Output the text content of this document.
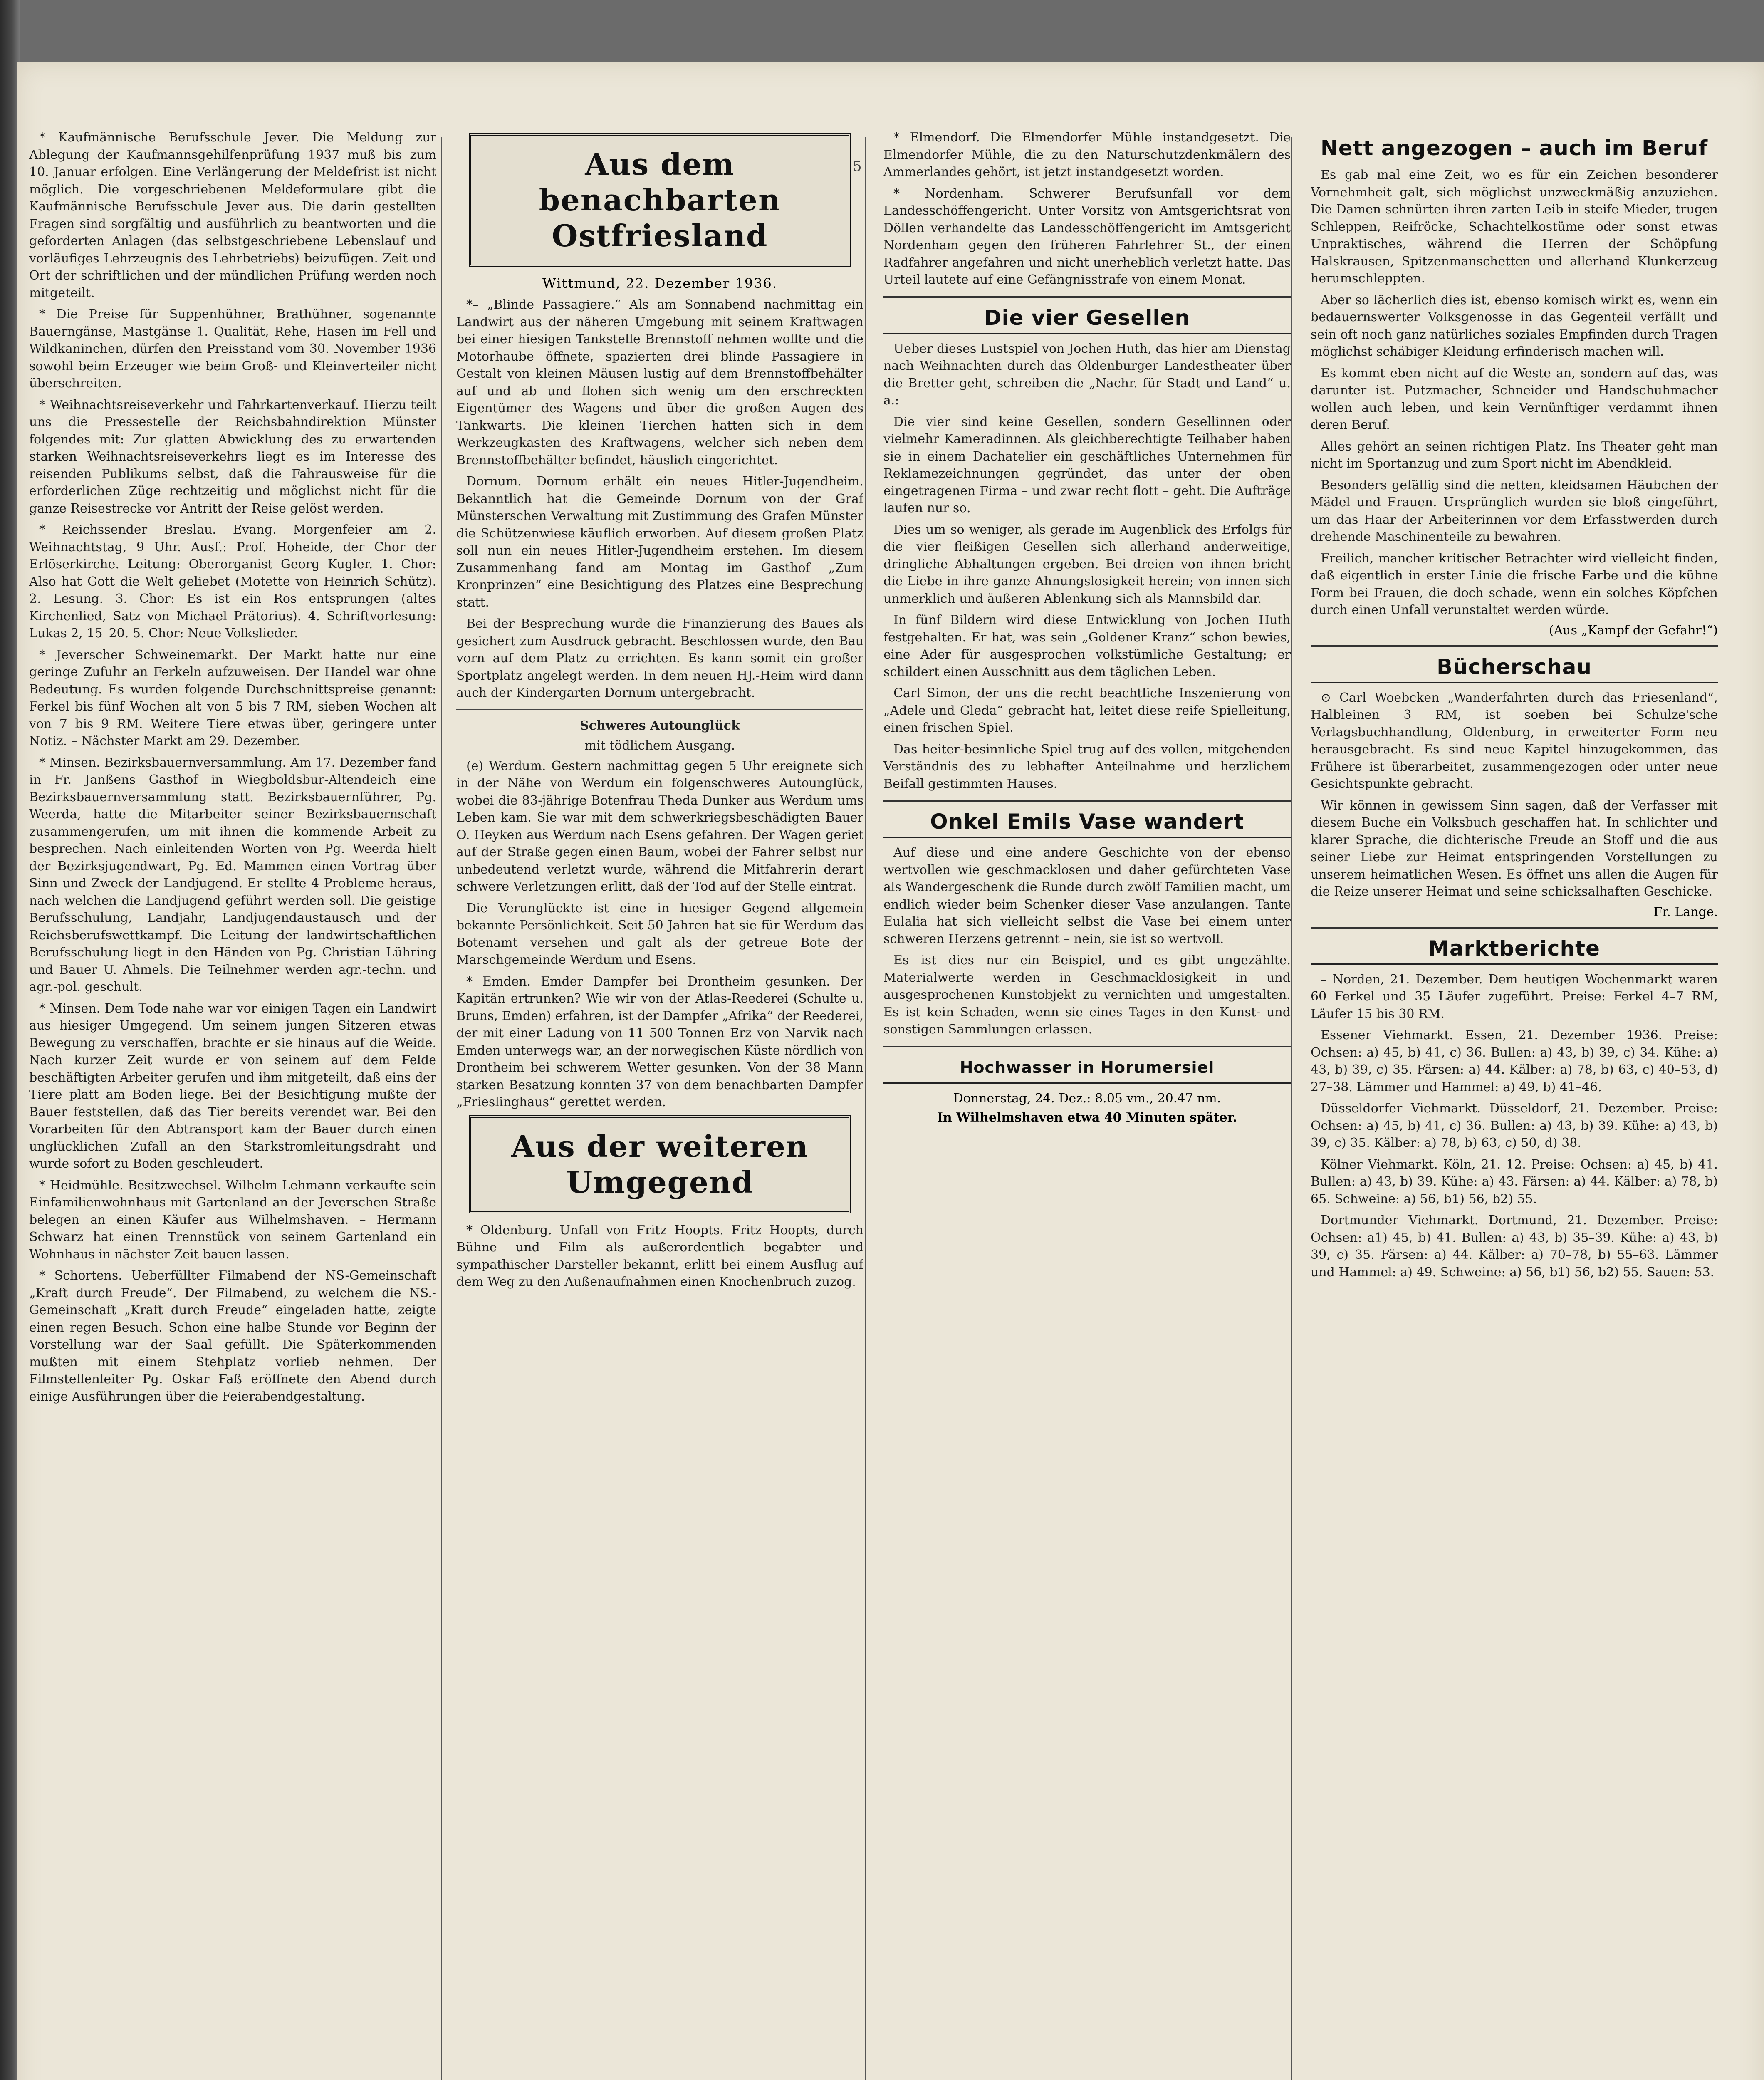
5

* Kaufmännische Berufsschule Jever. Die Meldung zur Ablegung der Kaufmannsgehilfenprüfung 1937 muß bis zum 10. Januar erfolgen. Eine Verlängerung der Meldefrist ist nicht möglich. Die vorgeschriebenen Meldeformulare gibt die Kaufmännische Berufsschule Jever aus. Die darin gestellten Fragen sind sorgfältig und ausführlich zu beantworten und die geforderten Anlagen (das selbstgeschriebene Lebenslauf und vorläufiges Lehrzeugnis des Lehrbetriebs) beizufügen. Zeit und Ort der schriftlichen und der mündlichen Prüfung werden noch mitgeteilt.

* Die Preise für Suppenhühner, Brathühner, sogenannte Bauerngänse, Mastgänse 1. Qualität, Rehe, Hasen im Fell und Wildkaninchen, dürfen den Preisstand vom 30. November 1936 sowohl beim Erzeuger wie beim Groß- und Kleinverteiler nicht überschreiten.

* Weihnachtsreiseverkehr und Fahrkartenverkauf. Hierzu teilt uns die Pressestelle der Reichsbahndirektion Münster folgendes mit: Zur glatten Abwicklung des zu erwartenden starken Weihnachtsreiseverkehrs liegt es im Interesse des reisenden Publikums selbst, daß die Fahrausweise für die erforderlichen Züge rechtzeitig und möglichst nicht für die ganze Reisestrecke vor Antritt der Reise gelöst werden.

* Reichssender Breslau. Evang. Morgenfeier am 2. Weihnachtstag, 9 Uhr. Ausf.: Prof. Hoheide, der Chor der Erlöserkirche. Leitung: Oberorganist Georg Kugler. 1. Chor: Also hat Gott die Welt geliebet (Motette von Heinrich Schütz). 2. Lesung. 3. Chor: Es ist ein Ros entsprungen (altes Kirchenlied, Satz von Michael Prätorius). 4. Schriftvorlesung: Lukas 2, 15–20. 5. Chor: Neue Volkslieder.

* Jeverscher Schweinemarkt. Der Markt hatte nur eine geringe Zufuhr an Ferkeln aufzuweisen. Der Handel war ohne Bedeutung. Es wurden folgende Durchschnittspreise genannt: Ferkel bis fünf Wochen alt von 5 bis 7 RM, sieben Wochen alt von 7 bis 9 RM. Weitere Tiere etwas über, geringere unter Notiz. – Nächster Markt am 29. Dezember.

* Minsen. Bezirksbauernversammlung. Am 17. Dezember fand in Fr. Janßens Gasthof in Wiegboldsbur-Altendeich eine Bezirksbauernversammlung statt. Bezirksbauernführer, Pg. Weerda, hatte die Mitarbeiter seiner Bezirksbauernschaft zusammengerufen, um mit ihnen die kommende Arbeit zu besprechen. Nach einleitenden Worten von Pg. Weerda hielt der Bezirksjugendwart, Pg. Ed. Mammen einen Vortrag über Sinn und Zweck der Landjugend. Er stellte 4 Probleme heraus, nach welchen die Landjugend geführt werden soll. Die geistige Berufsschulung, Landjahr, Landjugendaustausch und der Reichsberufswettkampf. Die Leitung der landwirtschaftlichen Berufsschulung liegt in den Händen von Pg. Christian Lühring und Bauer U. Ahmels. Die Teilnehmer werden agr.-techn. und agr.-pol. geschult.

* Minsen. Dem Tode nahe war vor einigen Tagen ein Landwirt aus hiesiger Umgegend. Um seinem jungen Sitzeren etwas Bewegung zu verschaffen, brachte er sie hinaus auf die Weide. Nach kurzer Zeit wurde er von seinem auf dem Felde beschäftigten Arbeiter gerufen und ihm mitgeteilt, daß eins der Tiere platt am Boden liege. Bei der Besichtigung mußte der Bauer feststellen, daß das Tier bereits verendet war. Bei den Vorarbeiten für den Abtransport kam der Bauer durch einen unglücklichen Zufall an den Starkstromleitungsdraht und wurde sofort zu Boden geschleudert.

* Heidmühle. Besitzwechsel. Wilhelm Lehmann verkaufte sein Einfamilienwohnhaus mit Gartenland an der Jeverschen Straße belegen an einen Käufer aus Wilhelmshaven. – Hermann Schwarz hat einen Trennstück von seinem Gartenland ein Wohnhaus in nächster Zeit bauen lassen.

* Schortens. Ueberfüllter Filmabend der NS-Gemeinschaft „Kraft durch Freude“. Der Filmabend, zu welchem die NS.-Gemeinschaft „Kraft durch Freude“ eingeladen hatte, zeigte einen regen Besuch. Schon eine halbe Stunde vor Beginn der Vorstellung war der Saal gefüllt. Die Späterkommenden mußten mit einem Stehplatz vorlieb nehmen. Der Filmstellenleiter Pg. Oskar Faß eröffnete den Abend durch einige Ausführungen über die Feierabendgestaltung.

Aus dem benachbarten
Ostfriesland
Wittmund, 22. Dezember 1936.

*– „Blinde Passagiere.“ Als am Sonnabend nachmittag ein Landwirt aus der näheren Umgebung mit seinem Kraftwagen bei einer hiesigen Tankstelle Brennstoff nehmen wollte und die Motorhaube öffnete, spazierten drei blinde Passagiere in Gestalt von kleinen Mäusen lustig auf dem Brennstoffbehälter auf und ab und flohen sich wenig um den erschreckten Eigentümer des Wagens und über die großen Augen des Tankwarts. Die kleinen Tierchen hatten sich in dem Werkzeugkasten des Kraftwagens, welcher sich neben dem Brennstoffbehälter befindet, häuslich eingerichtet.

Dornum. Dornum erhält ein neues Hitler-Jugendheim. Bekanntlich hat die Gemeinde Dornum von der Graf Münsterschen Verwaltung mit Zustimmung des Grafen Münster die Schützenwiese käuflich erworben. Auf diesem großen Platz soll nun ein neues Hitler-Jugendheim erstehen. Im diesem Zusammenhang fand am Montag im Gasthof „Zum Kronprinzen“ eine Besichtigung des Platzes eine Besprechung statt.

Bei der Besprechung wurde die Finanzierung des Baues als gesichert zum Ausdruck gebracht. Beschlossen wurde, den Bau vorn auf dem Platz zu errichten. Es kann somit ein großer Sportplatz angelegt werden. In dem neuen HJ.-Heim wird dann auch der Kindergarten Dornum untergebracht.

Schweres Autounglück
mit tödlichem Ausgang.

(e) Werdum. Gestern nachmittag gegen 5 Uhr ereignete sich in der Nähe von Werdum ein folgenschweres Autounglück, wobei die 83-jährige Botenfrau Theda Dunker aus Werdum ums Leben kam. Sie war mit dem schwerkriegsbeschädigten Bauer O. Heyken aus Werdum nach Esens gefahren. Der Wagen geriet auf der Straße gegen einen Baum, wobei der Fahrer selbst nur unbedeutend verletzt wurde, während die Mitfahrerin derart schwere Verletzungen erlitt, daß der Tod auf der Stelle eintrat.

Die Verunglückte ist eine in hiesiger Gegend allgemein bekannte Persönlichkeit. Seit 50 Jahren hat sie für Werdum das Botenamt versehen und galt als der getreue Bote der Marschgemeinde Werdum und Esens.

* Emden. Emder Dampfer bei Drontheim gesunken. Der Kapitän ertrunken? Wie wir von der Atlas-Reederei (Schulte u. Bruns, Emden) erfahren, ist der Dampfer „Afrika“ der Reederei, der mit einer Ladung von 11 500 Tonnen Erz von Narvik nach Emden unterwegs war, an der norwegischen Küste nördlich von Drontheim bei schwerem Wetter gesunken. Von der 38 Mann starken Besatzung konnten 37 von dem benachbarten Dampfer „Frieslinghaus“ gerettet werden.

Aus der weiteren
Umgegend

* Oldenburg. Unfall von Fritz Hoopts. Fritz Hoopts, durch Bühne und Film als außerordentlich begabter und sympathischer Darsteller bekannt, erlitt bei einem Ausflug auf dem Weg zu den Außenaufnahmen einen Knochenbruch zuzog.

* Elmendorf. Die Elmendorfer Mühle instandgesetzt. Die Elmendorfer Mühle, die zu den Naturschutzdenkmälern des Ammerlandes gehört, ist jetzt instandgesetzt worden.

* Nordenham. Schwerer Berufsunfall vor dem Landesschöffengericht. Unter Vorsitz von Amtsgerichtsrat von Döllen verhandelte das Landesschöffengericht im Amtsgericht Nordenham gegen den früheren Fahrlehrer St., der einen Radfahrer angefahren und nicht unerheblich verletzt hatte. Das Urteil lautete auf eine Gefängnisstrafe von einem Monat.

Die vier Gesellen

Ueber dieses Lustspiel von Jochen Huth, das hier am Dienstag nach Weihnachten durch das Oldenburger Landestheater über die Bretter geht, schreiben die „Nachr. für Stadt und Land“ u. a.:

Die vier sind keine Gesellen, sondern Gesellinnen oder vielmehr Kameradinnen. Als gleichberechtigte Teilhaber haben sie in einem Dachatelier ein geschäftliches Unternehmen für Reklamezeichnungen gegründet, das unter der oben eingetragenen Firma – und zwar recht flott – geht. Die Aufträge laufen nur so.

Dies um so weniger, als gerade im Augenblick des Erfolgs für die vier fleißigen Gesellen sich allerhand anderweitige, dringliche Abhaltungen ergeben. Bei dreien von ihnen bricht die Liebe in ihre ganze Ahnungslosigkeit herein; von innen sich unmerklich und äußeren Ablenkung sich als Mannsbild dar.

In fünf Bildern wird diese Entwicklung von Jochen Huth festgehalten. Er hat, was sein „Goldener Kranz“ schon bewies, eine Ader für ausgesprochen volkstümliche Gestaltung; er schildert einen Ausschnitt aus dem täglichen Leben.

Carl Simon, der uns die recht beachtliche Inszenierung von „Adele und Gleda“ gebracht hat, leitet diese reife Spielleitung, einen frischen Spiel.

Das heiter-besinnliche Spiel trug auf des vollen, mitgehenden Verständnis des zu lebhafter Anteilnahme und herzlichem Beifall gestimmten Hauses.

Onkel Emils Vase wandert

Auf diese und eine andere Geschichte von der ebenso wertvollen wie geschmacklosen und daher gefürchteten Vase als Wandergeschenk die Runde durch zwölf Familien macht, um endlich wieder beim Schenker dieser Vase anzulangen. Tante Eulalia hat sich vielleicht selbst die Vase bei einem unter schweren Herzens getrennt – nein, sie ist so wertvoll.

Es ist dies nur ein Beispiel, und es gibt ungezählte. Materialwerte werden in Geschmacklosigkeit in und ausgesprochenen Kunstobjekt zu vernichten und umgestalten. Es ist kein Schaden, wenn sie eines Tages in den Kunst- und sonstigen Sammlungen erlassen.

Hochwasser in Horumersiel
Donnerstag, 24. Dez.: 8.05 vm., 20.47 nm.
In Wilhelmshaven etwa 40 Minuten später.
Nett angezogen – auch im Beruf

Es gab mal eine Zeit, wo es für ein Zeichen besonderer Vornehmheit galt, sich möglichst unzweckmäßig anzuziehen. Die Damen schnürten ihren zarten Leib in steife Mieder, trugen Schleppen, Reifröcke, Schachtelkostüme oder sonst etwas Unpraktisches, während die Herren der Schöpfung Halskrausen, Spitzenmanschetten und allerhand Klunkerzeug herumschleppten.

Aber so lächerlich dies ist, ebenso komisch wirkt es, wenn ein bedauernswerter Volksgenosse in das Gegenteil verfällt und sein oft noch ganz natürliches soziales Empfinden durch Tragen möglichst schäbiger Kleidung erfinderisch machen will.

Es kommt eben nicht auf die Weste an, sondern auf das, was darunter ist. Putzmacher, Schneider und Handschuhmacher wollen auch leben, und kein Vernünftiger verdammt ihnen deren Beruf.

Alles gehört an seinen richtigen Platz. Ins Theater geht man nicht im Sportanzug und zum Sport nicht im Abendkleid.

Besonders gefällig sind die netten, kleidsamen Häubchen der Mädel und Frauen. Ursprünglich wurden sie bloß eingeführt, um das Haar der Arbeiterinnen vor dem Erfasstwerden durch drehende Maschinenteile zu bewahren.

Freilich, mancher kritischer Betrachter wird vielleicht finden, daß eigentlich in erster Linie die frische Farbe und die kühne Form bei Frauen, die doch schade, wenn ein solches Köpfchen durch einen Unfall verunstaltet werden würde.

(Aus „Kampf der Gefahr!“)
Bücherschau

⊙ Carl Woebcken „Wanderfahrten durch das Friesenland“, Halbleinen 3 RM, ist soeben bei Schulze'sche Verlagsbuchhandlung, Oldenburg, in erweiterter Form neu herausgebracht. Es sind neue Kapitel hinzugekommen, das Frühere ist überarbeitet, zusammengezogen oder unter neue Gesichtspunkte gebracht.

Wir können in gewissem Sinn sagen, daß der Verfasser mit diesem Buche ein Volksbuch geschaffen hat. In schlichter und klarer Sprache, die dichterische Freude an Stoff und die aus seiner Liebe zur Heimat entspringenden Vorstellungen zu unserem heimatlichen Wesen. Es öffnet uns allen die Augen für die Reize unserer Heimat und seine schicksalhaften Geschicke.

Fr. Lange.
Marktberichte

– Norden, 21. Dezember. Dem heutigen Wochenmarkt waren 60 Ferkel und 35 Läufer zugeführt. Preise: Ferkel 4–7 RM, Läufer 15 bis 30 RM.

Essener Viehmarkt. Essen, 21. Dezember 1936. Preise: Ochsen: a) 45, b) 41, c) 36. Bullen: a) 43, b) 39, c) 34. Kühe: a) 43, b) 39, c) 35. Färsen: a) 44. Kälber: a) 78, b) 63, c) 40–53, d) 27–38. Lämmer und Hammel: a) 49, b) 41–46.

Düsseldorfer Viehmarkt. Düsseldorf, 21. Dezember. Preise: Ochsen: a) 45, b) 41, c) 36. Bullen: a) 43, b) 39. Kühe: a) 43, b) 39, c) 35. Kälber: a) 78, b) 63, c) 50, d) 38.

Kölner Viehmarkt. Köln, 21. 12. Preise: Ochsen: a) 45, b) 41. Bullen: a) 43, b) 39. Kühe: a) 43. Färsen: a) 44. Kälber: a) 78, b) 65. Schweine: a) 56, b1) 56, b2) 55.

Dortmunder Viehmarkt. Dortmund, 21. Dezember. Preise: Ochsen: a1) 45, b) 41. Bullen: a) 43, b) 35–39. Kühe: a) 43, b) 39, c) 35. Färsen: a) 44. Kälber: a) 70–78, b) 55–63. Lämmer und Hammel: a) 49. Schweine: a) 56, b1) 56, b2) 55. Sauen: 53.
